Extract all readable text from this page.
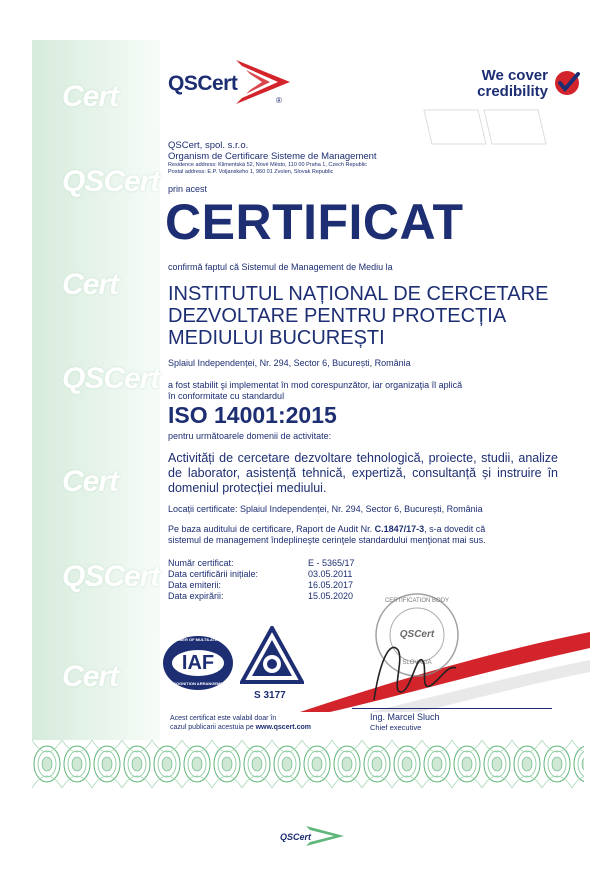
Cert
QSCert
Cert
QSCert
Cert
QSCert
Cert
QSCert
®
We cover
credibility
QSCert, spol. s.r.o.
Organism de Certificare Sisteme de Management
Residence address: Klimentská 52, Nové Město, 110 00 Praha 1, Czech Republic
Postal address: E.P. Voljanskeho 1, 960 01 Zvolen, Slovak Republic
prin acest
CERTIFICAT
confirmă faptul că Sistemul de Management de Mediu la
INSTITUTUL NAȚIONAL DE CERCETARE
DEZVOLTARE PENTRU PROTECȚIA
MEDIULUI BUCUREȘTI
Splaiul Independenței, Nr. 294, Sector 6, București, România
a fost stabilit şi implementat în mod corespunzător, iar organizaţia îl aplică
în conformitate cu standardul
ISO 14001:2015
pentru următoarele domenii de activitate:
Activități de cercetare dezvoltare tehnologică, proiecte, studii, analize de laborator, asistență tehnică, expertiză, consultanță și instruire în domeniul protecției mediului.
Locații certificate: Splaiul Independenței, Nr. 294, Sector 6, București, România
Pe baza auditului de certificare, Raport de Audit Nr. C.1847/17-3, s-a dovedit că
sistemul de management îndeplineşte cerinţele standardului menţionat mai sus.
Număr certificat:	E - 5365/17
Data certificării inițiale:	03.05.2011
Data emiterii:	16.05.2017
Data expirării:	15.05.2020
MEMBER OF MULTILATERAL
IAF
RECOGNITION ARRANGEMENT
S 3177
CERTIFICATION BODY
QSCert
SLOVAKIA
Acest certificat este valabil doar în
cazul publicarii acestuia pe www.qscert.com
Ing. Marcel Sluch
Chief executive
QSCert
